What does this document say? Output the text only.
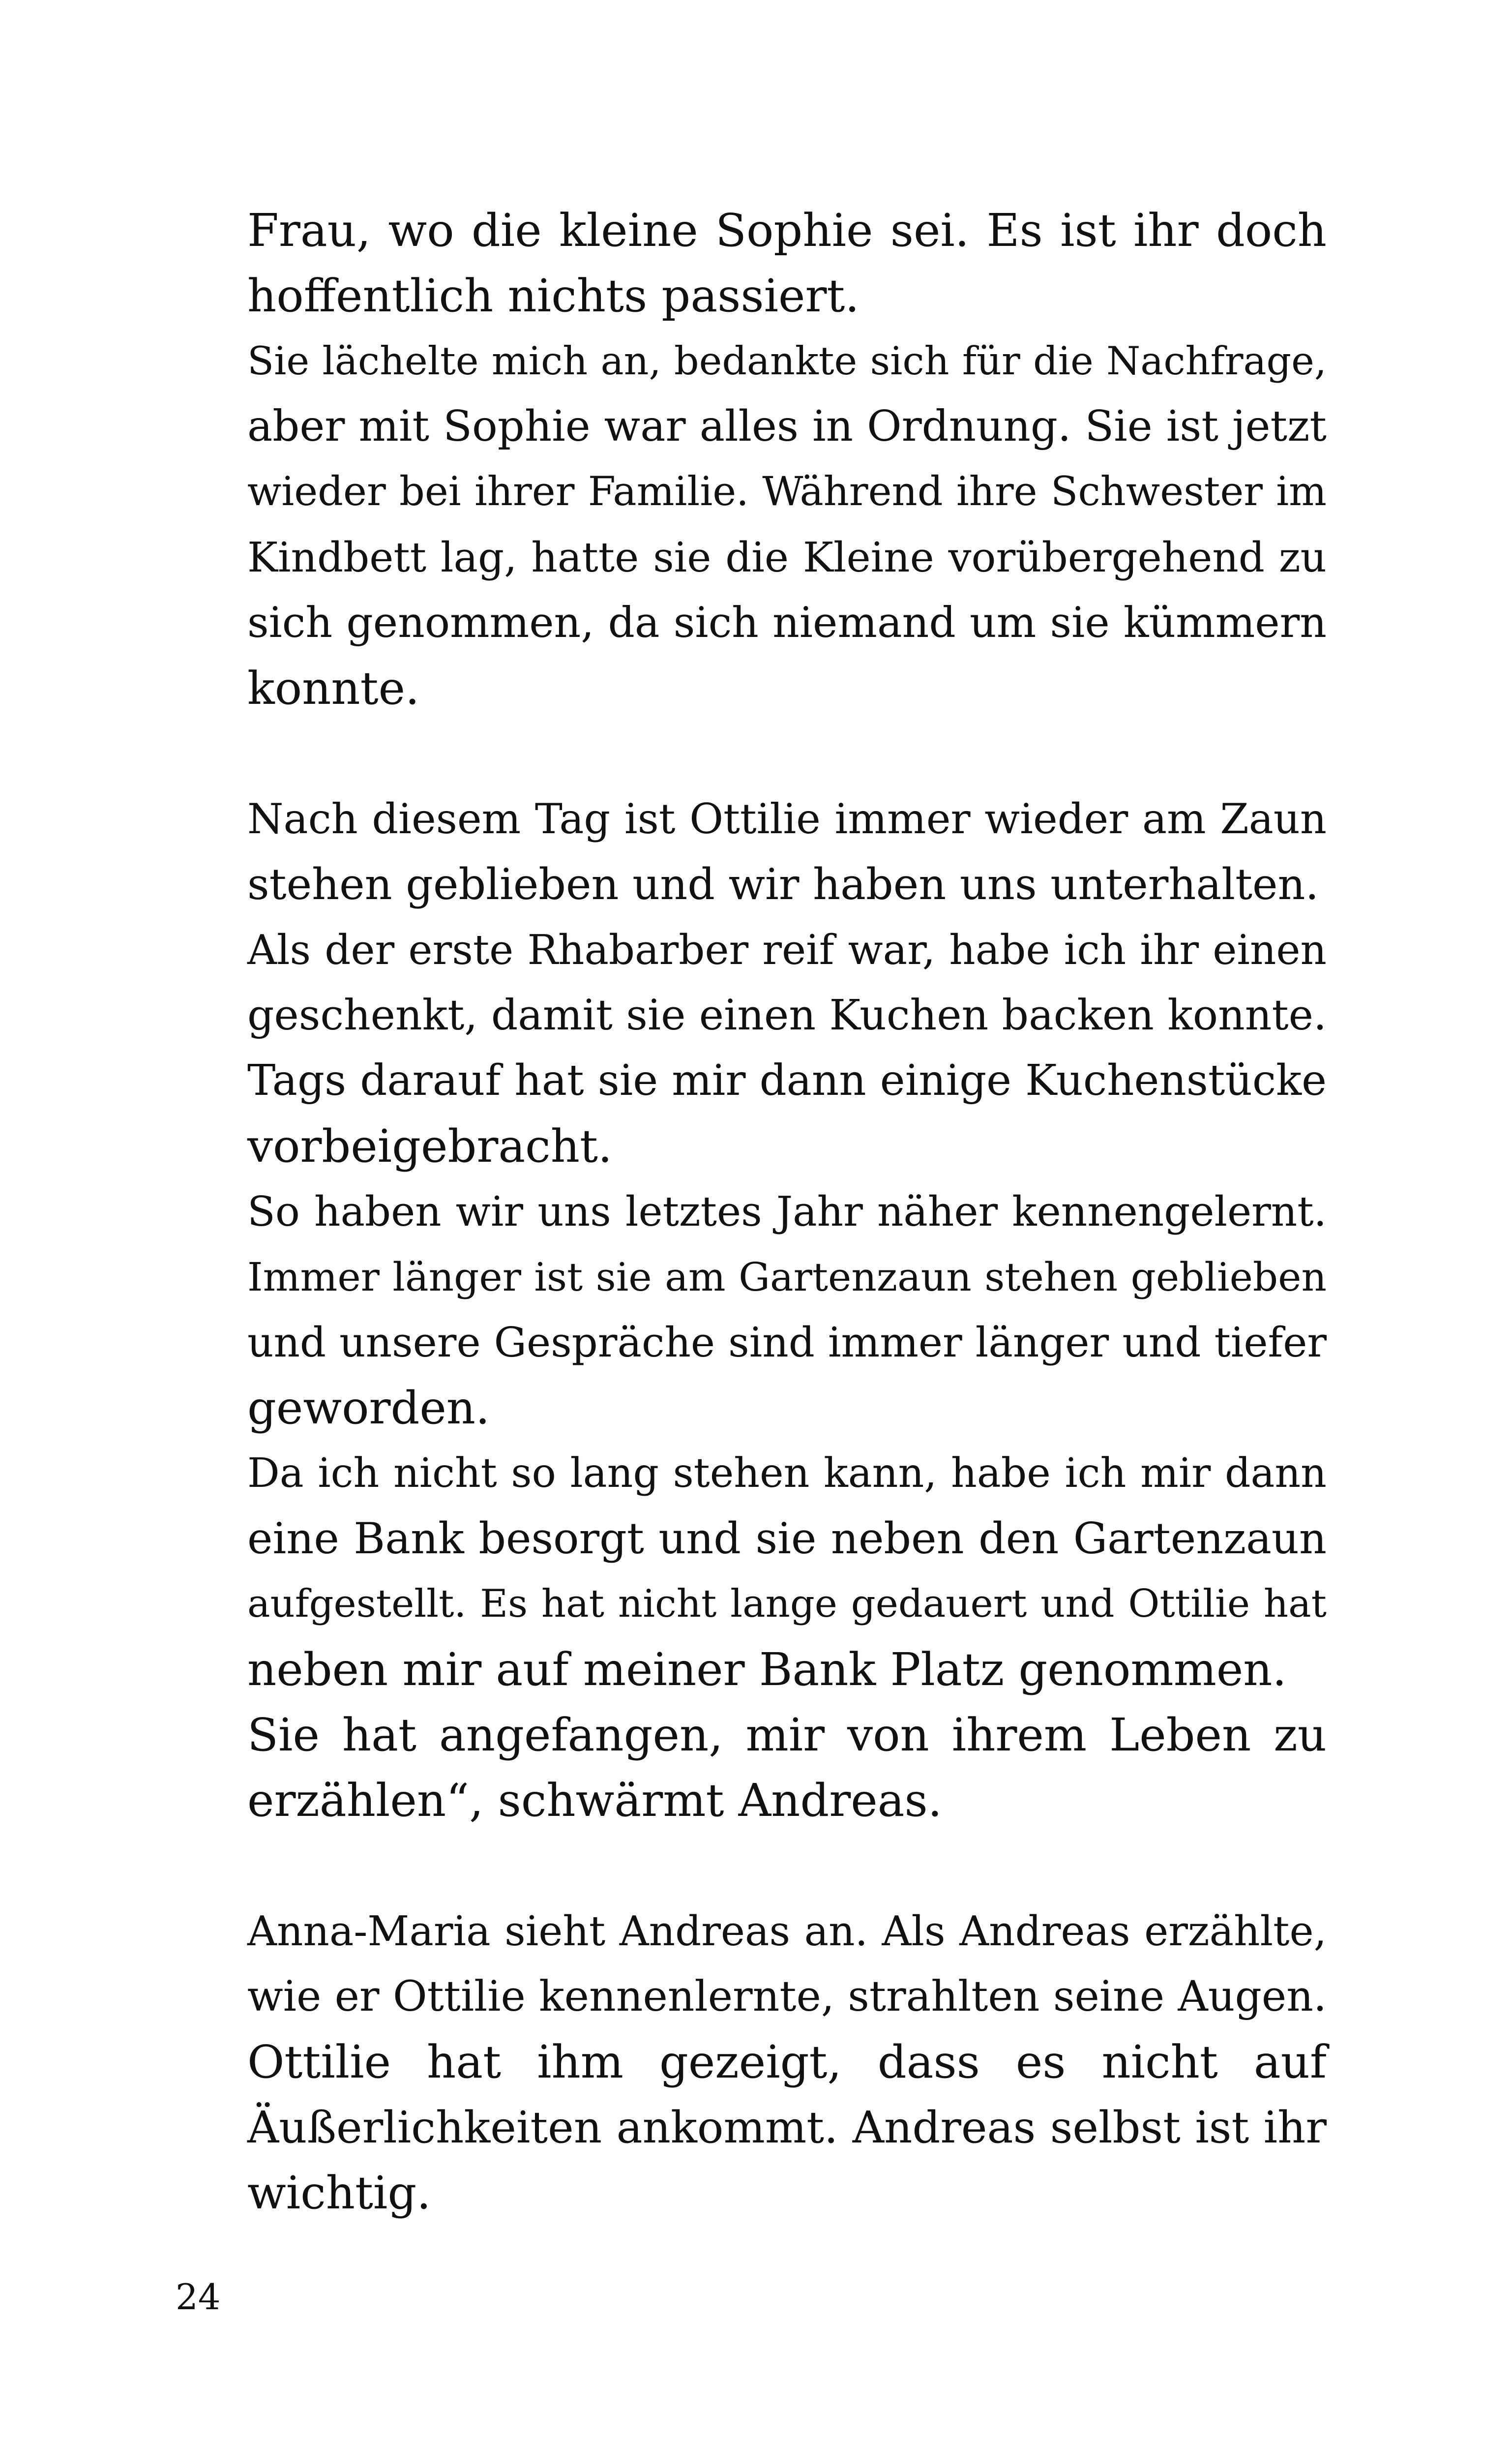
Frau, wo die kleine Sophie sei. Es ist ihr doch
hoffentlich nichts passiert.
Sie lächelte mich an, bedankte sich für die Nachfrage,
aber mit Sophie war alles in Ordnung. Sie ist jetzt
wieder bei ihrer Familie. Während ihre Schwester im
Kindbett lag, hatte sie die Kleine vorübergehend zu
sich genommen, da sich niemand um sie kümmern
konnte.
Nach diesem Tag ist Ottilie immer wieder am Zaun
stehen geblieben und wir haben uns unterhalten.
Als der erste Rhabarber reif war, habe ich ihr einen
geschenkt, damit sie einen Kuchen backen konnte.
Tags darauf hat sie mir dann einige Kuchenstücke
vorbeigebracht.
So haben wir uns letztes Jahr näher kennengelernt.
Immer länger ist sie am Gartenzaun stehen geblieben
und unsere Gespräche sind immer länger und tiefer
geworden.
Da ich nicht so lang stehen kann, habe ich mir dann
eine Bank besorgt und sie neben den Gartenzaun
aufgestellt. Es hat nicht lange gedauert und Ottilie hat
neben mir auf meiner Bank Platz genommen.
Sie hat angefangen, mir von ihrem Leben zu
erzählen“, schwärmt Andreas.
Anna-Maria sieht Andreas an. Als Andreas erzählte,
wie er Ottilie kennenlernte, strahlten seine Augen.
Ottilie hat ihm gezeigt, dass es nicht auf
Äußerlichkeiten ankommt. Andreas selbst ist ihr
wichtig.
24
